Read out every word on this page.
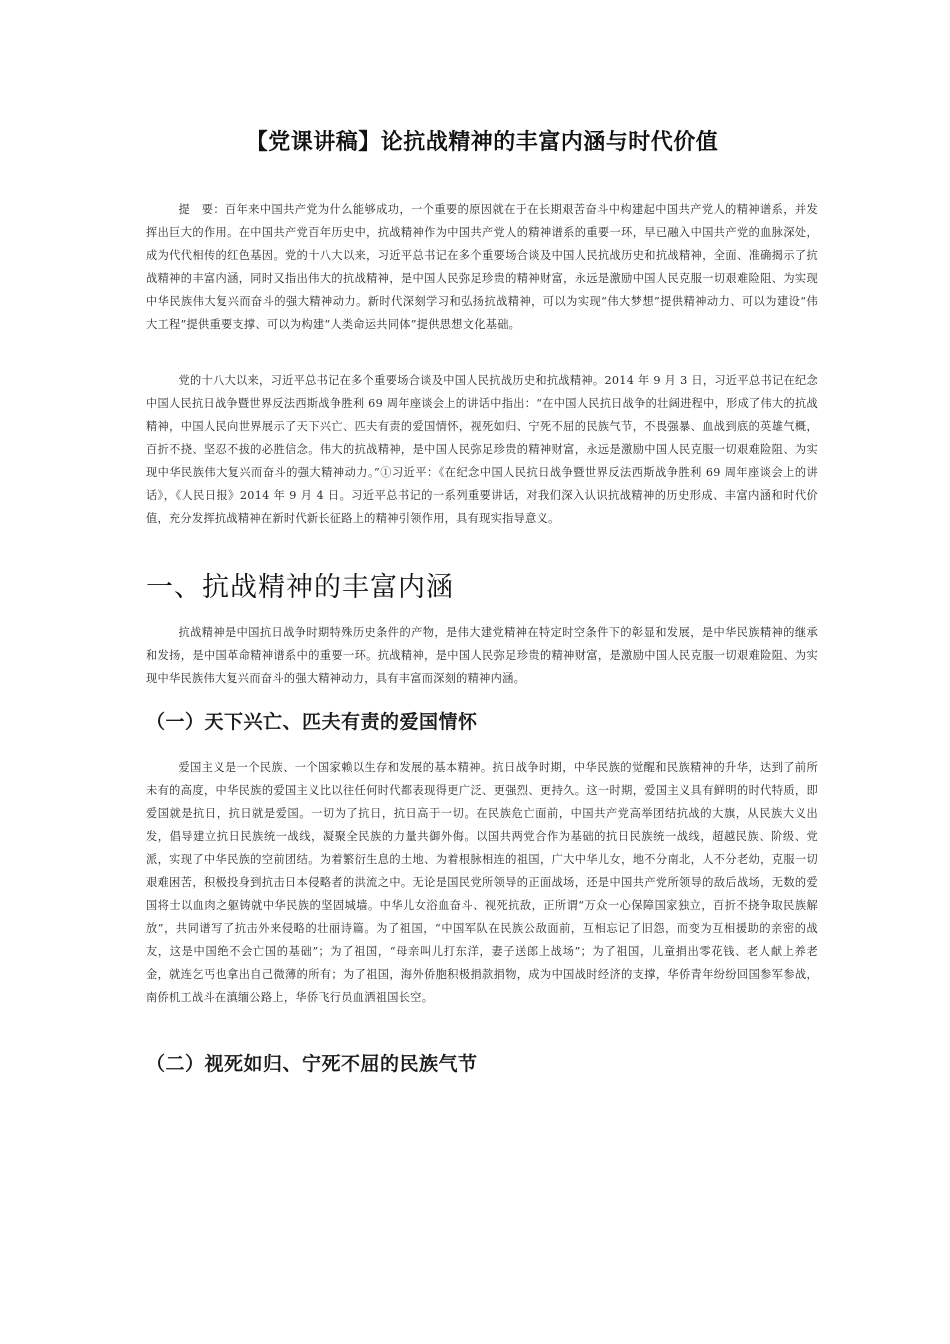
【党课讲稿】论抗战精神的丰富内涵与时代价值

提　要：百年来中国共产党为什么能够成功，一个重要的原因就在于在长期艰苦奋斗中构建起中国共产党人的精神谱系，并发挥出巨大的作用。在中国共产党百年历史中，抗战精神作为中国共产党人的精神谱系的重要一环，早已融入中国共产党的血脉深处，成为代代相传的红色基因。党的十八大以来，习近平总书记在多个重要场合谈及中国人民抗战历史和抗战精神，全面、准确揭示了抗战精神的丰富内涵，同时又指出伟大的抗战精神，是中国人民弥足珍贵的精神财富，永远是激励中国人民克服一切艰难险阻、为实现中华民族伟大复兴而奋斗的强大精神动力。新时代深刻学习和弘扬抗战精神，可以为实现“伟大梦想”提供精神动力、可以为建设“伟大工程”提供重要支撑、可以为构建“人类命运共同体”提供思想文化基础。

党的十八大以来，习近平总书记在多个重要场合谈及中国人民抗战历史和抗战精神。2014 年 9 月 3 日，习近平总书记在纪念中国人民抗日战争暨世界反法西斯战争胜利 69 周年座谈会上的讲话中指出：“在中国人民抗日战争的壮阔进程中，形成了伟大的抗战精神，中国人民向世界展示了天下兴亡、匹夫有责的爱国情怀，视死如归、宁死不屈的民族气节，不畏强暴、血战到底的英雄气概，百折不挠、坚忍不拔的必胜信念。伟大的抗战精神，是中国人民弥足珍贵的精神财富，永远是激励中国人民克服一切艰难险阻、为实现中华民族伟大复兴而奋斗的强大精神动力。”①习近平：《在纪念中国人民抗日战争暨世界反法西斯战争胜利 69 周年座谈会上的讲话》，《人民日报》2014 年 9 月 4 日。习近平总书记的一系列重要讲话，对我们深入认识抗战精神的历史形成、丰富内涵和时代价值，充分发挥抗战精神在新时代新长征路上的精神引领作用，具有现实指导意义。

一、抗战精神的丰富内涵

抗战精神是中国抗日战争时期特殊历史条件的产物，是伟大建党精神在特定时空条件下的彰显和发展，是中华民族精神的继承和发扬，是中国革命精神谱系中的重要一环。抗战精神，是中国人民弥足珍贵的精神财富，是激励中国人民克服一切艰难险阻、为实现中华民族伟大复兴而奋斗的强大精神动力，具有丰富而深刻的精神内涵。

（一）天下兴亡、匹夫有责的爱国情怀

爱国主义是一个民族、一个国家赖以生存和发展的基本精神。抗日战争时期，中华民族的觉醒和民族精神的升华，达到了前所未有的高度，中华民族的爱国主义比以往任何时代都表现得更广泛、更强烈、更持久。这一时期，爱国主义具有鲜明的时代特质，即爱国就是抗日，抗日就是爱国。一切为了抗日，抗日高于一切。在民族危亡面前，中国共产党高举团结抗战的大旗，从民族大义出发，倡导建立抗日民族统一战线，凝聚全民族的力量共御外侮。以国共两党合作为基础的抗日民族统一战线，超越民族、阶级、党派，实现了中华民族的空前团结。为着繁衍生息的土地、为着根脉相连的祖国，广大中华儿女，地不分南北，人不分老幼，克服一切艰难困苦，积极投身到抗击日本侵略者的洪流之中。无论是国民党所领导的正面战场，还是中国共产党所领导的敌后战场，无数的爱国将士以血肉之躯铸就中华民族的坚固城墙。中华儿女浴血奋斗、视死抗敌，正所谓“万众一心保障国家独立，百折不挠争取民族解放”，共同谱写了抗击外来侵略的壮丽诗篇。为了祖国，“中国军队在民族公敌面前，互相忘记了旧怨，而变为互相援助的亲密的战友，这是中国绝不会亡国的基础”；为了祖国，“母亲叫儿打东洋，妻子送郎上战场”；为了祖国，儿童捐出零花钱、老人献上养老金，就连乞丐也拿出自己微薄的所有；为了祖国，海外侨胞积极捐款捐物，成为中国战时经济的支撑，华侨青年纷纷回国参军参战，南侨机工战斗在滇缅公路上，华侨飞行员血洒祖国长空。

（二）视死如归、宁死不屈的民族气节
